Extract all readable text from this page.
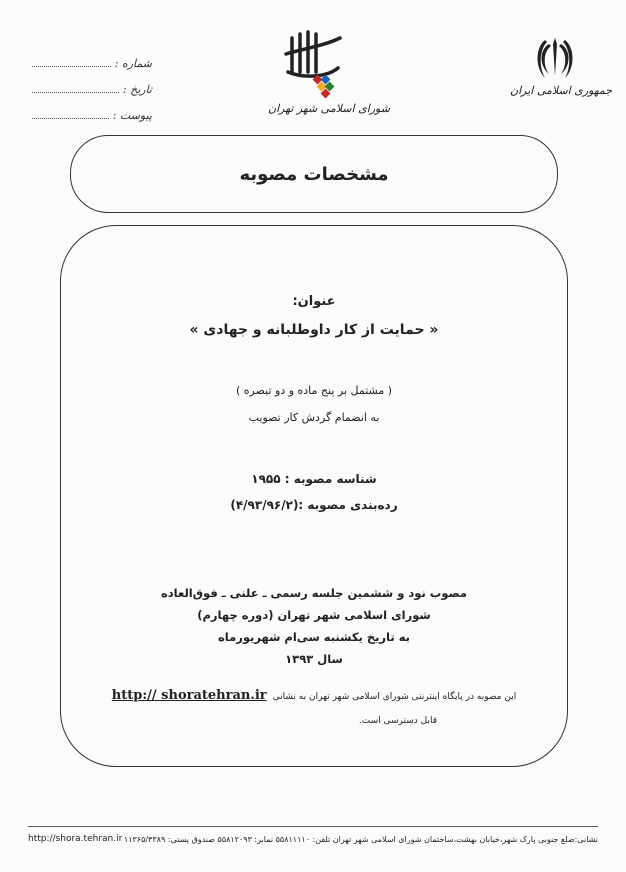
شماره :
تاریخ :
پیوست :
شورای اسلامی شهر تهران
جمهوری اسلامی ایران
مشخصات مصوبه
عنوان:
« حمایت از کار داوطلبانه و جهادی »
( مشتمل بر پنج ماده و دو تبصره )
به انضمام گردش کار تصویب
شناسه مصوبه : ۱۹۵۵
رده‌بندی مصوبه :(۴/۹۳/۹۶/۲)
مصوب نود و ششمین جلسه رسمی ـ علنی ـ فوق‌العاده
شورای اسلامی شهر تهران (دوره چهارم)
به تاریخ یکشنبه سی‌ام شهریورماه
سال ۱۳۹۳
این مصوبه در پایگاه اینترنتی شورای اسلامی شهر تهران به نشانی
http:// shoratehran.ir
قابل دسترسی است.
http://shora.tehran.ir نشانی:ضلع جنوبی پارک شهر،خیابان بهشت،ساختمان شورای اسلامی شهر تهران تلفن: ۵۵۸۱۱۱۱۰ نمابر: ۵۵۸۱۲۰۹۳ صندوق پستی: ۱۱۳۶۵/۴۳۸۹
